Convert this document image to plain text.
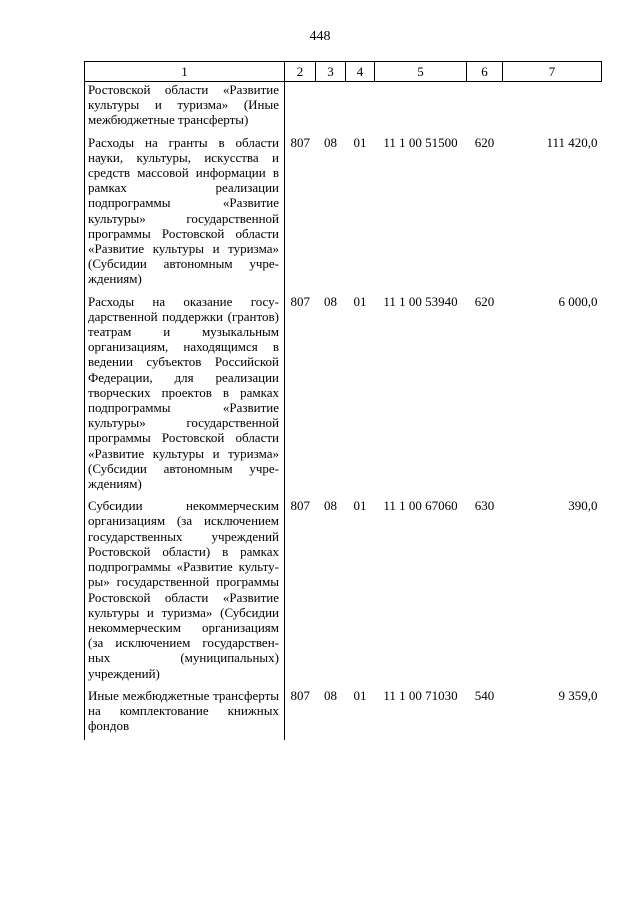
448
1	2	3	4	5	6	7
Ростовской области «Развитие культуры и туризма» (Иные межбюджетные трансферты)						
Расходы на гранты в области науки, культуры, искусства и средств массовой информации в рамках реализации подпрограммы «Развитие культуры» государственной программы Ростовской области «Развитие культуры и туризма» (Субсидии автономным учреждениям)	807	08	01	11 1 00 51500	620	111 420,0
Расходы на оказание государственной поддержки (грантов) театрам и музыкальным организациям, находящимся в ведении субъектов Российской Федерации, для реализации творческих проектов в рамках подпрограммы «Развитие культуры» государственной программы Ростовской области «Развитие культуры и туризма» (Субсидии автономным учреждениям)	807	08	01	11 1 00 53940	620	6 000,0
Субсидии некоммерческим организациям (за исключением государственных учреждений Ростовской области) в рамках подпрограммы «Развитие культуры» государственной программы Ростовской области «Развитие культуры и туризма» (Субсидии некоммерческим организациям (за исключением государственных (муниципальных) учреждений)	807	08	01	11 1 00 67060	630	390,0
Иные межбюджетные трансферты на комплектование книжных фондов	807	08	01	11 1 00 71030	540	9 359,0
